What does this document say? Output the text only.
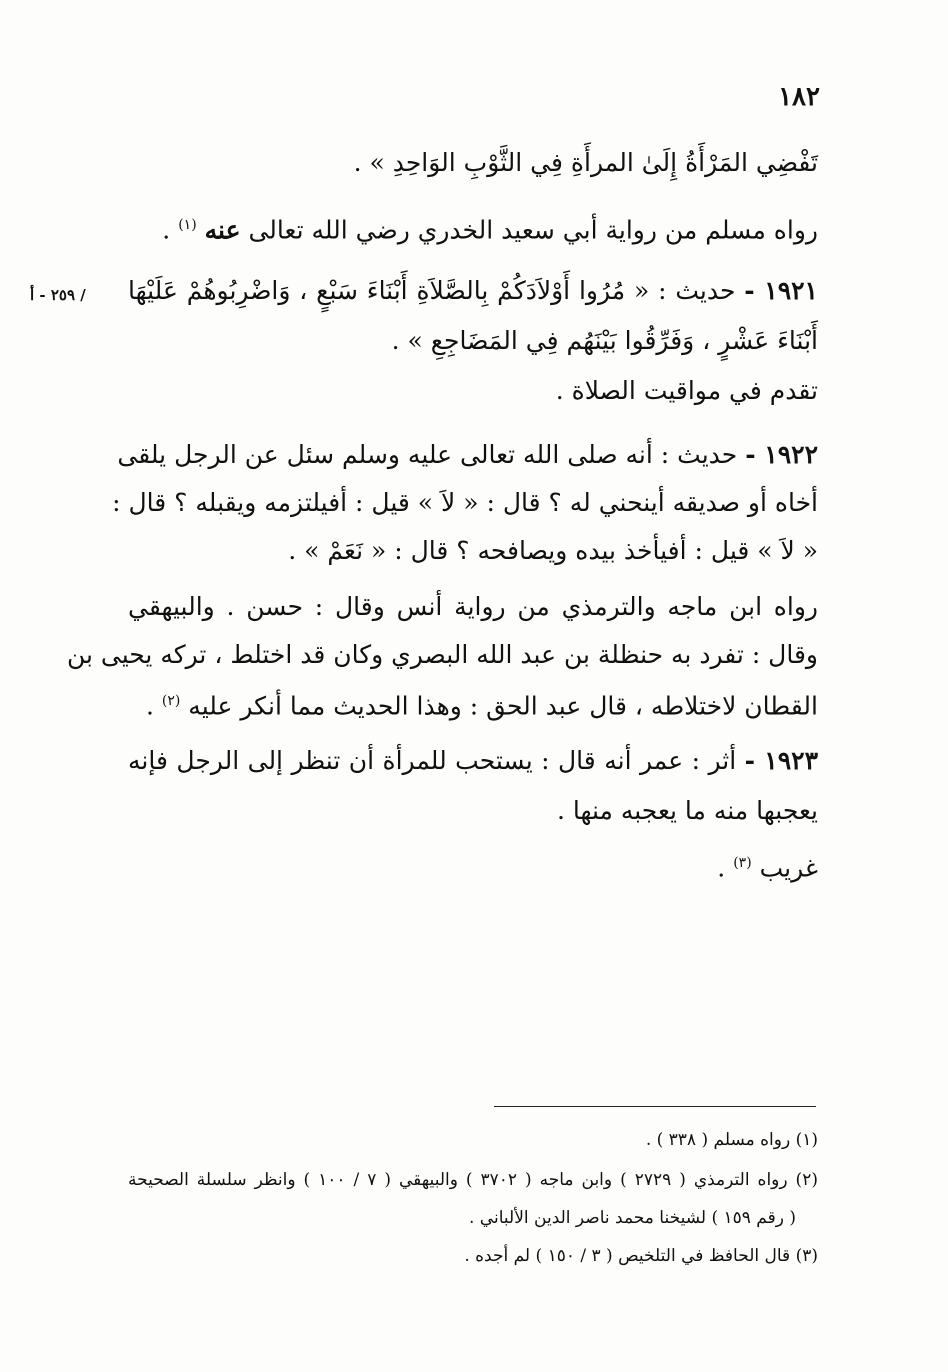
١٨٢
/ ٢٥٩ - أ
تَفْضِي المَرْأَةُ إِلَىٰ المرأَةِ فِي الثَّوْبِ الوَاحِدِ » .
رواه مسلم من رواية أبي سعيد الخدري رضي الله تعالى عنه $^{(١)}$ .
١٩٢١ - حديث : « مُرُوا أَوْلاَدَكُمْ بِالصَّلاَةِ أَبْنَاءَ سَبْعٍ ، وَاضْرِبُوهُمْ عَلَيْهَا
أَبْنَاءَ عَشْرٍ ، وَفَرِّقُوا بَيْنَهُم فِي المَضَاجِعِ » .
تقدم في مواقيت الصلاة .
١٩٢٢ - حديث : أنه صلى الله تعالى عليه وسلم سئل عن الرجل يلقى
أخاه أو صديقه أينحني له ؟ قال : « لاَ » قيل : أفيلتزمه ويقبله ؟ قال :
« لاَ » قيل : أفيأخذ بيده ويصافحه ؟ قال : « نَعَمْ » .
رواه ابن ماجه والترمذي من رواية أنس وقال : حسن . والبيهقي
وقال : تفرد به حنظلة بن عبد الله البصري وكان قد اختلط ، تركه يحيى بن
القطان لاختلاطه ، قال عبد الحق : وهذا الحديث مما أنكر عليه $^{(٢)}$ .
١٩٢٣ - أثر : عمر أنه قال : يستحب للمرأة أن تنظر إلى الرجل فإنه
يعجبها منه ما يعجبه منها .
غريب $^{(٣)}$ .
(١) رواه مسلم ( ٣٣٨ ) .
(٢) رواه الترمذي ( ٢٧٢٩ ) وابن ماجه ( ٣٧٠٢ ) والبيهقي ( ٧ / ١٠٠ ) وانظر سلسلة الصحيحة
( رقم ١٥٩ ) لشيخنا محمد ناصر الدين الألباني .
(٣) قال الحافظ في التلخيص ( ٣ / ١٥٠ ) لم أجده .
